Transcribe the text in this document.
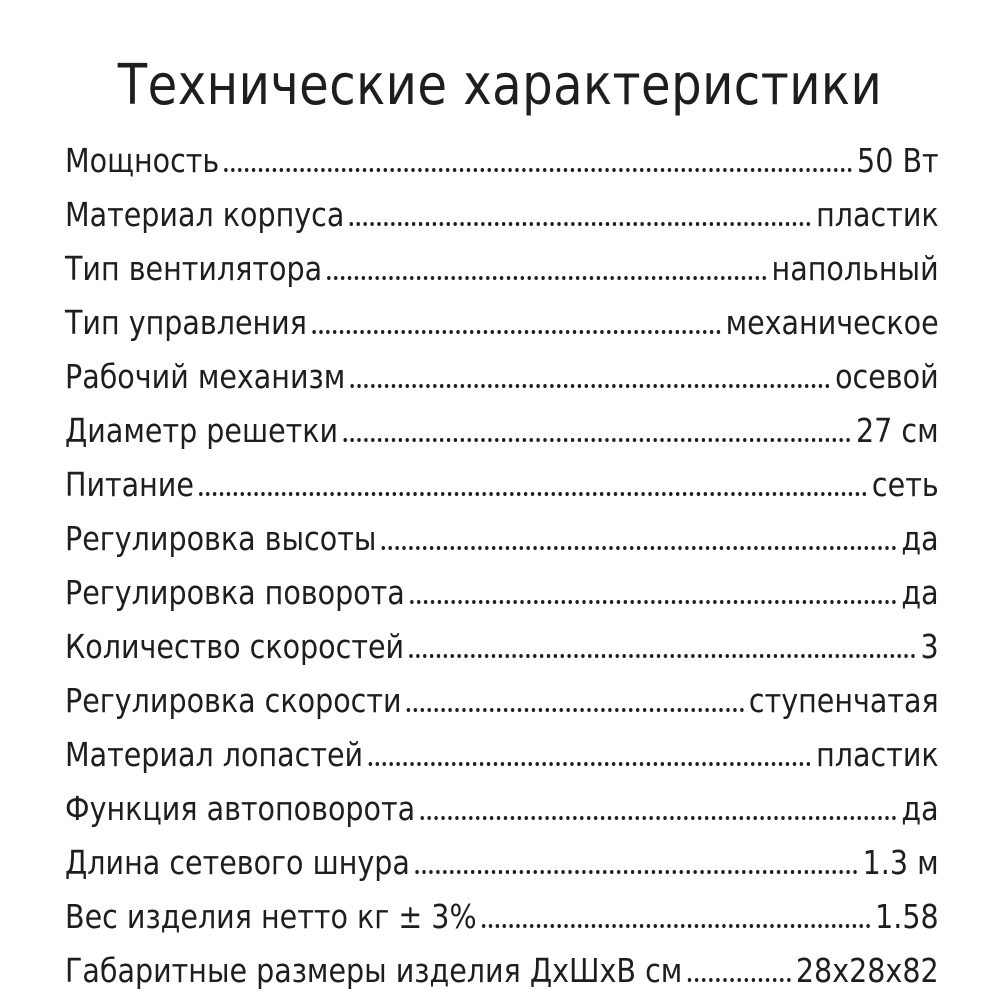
Технические характеристики
Мощность	50 Вт
Материал корпуса	пластик
Тип вентилятора	напольный
Тип управления	механическое
Рабочий механизм	осевой
Диаметр решетки	27 см
Питание	сеть
Регулировка высоты	да
Регулировка поворота	да
Количество скоростей	3
Регулировка скорости	ступенчатая
Материал лопастей	пластик
Функция автоповорота	да
Длина сетевого шнура	1.3 м
Вес изделия нетто кг ± 3%	1.58
Габаритные размеры изделия ДхШхВ см	28x28x82
